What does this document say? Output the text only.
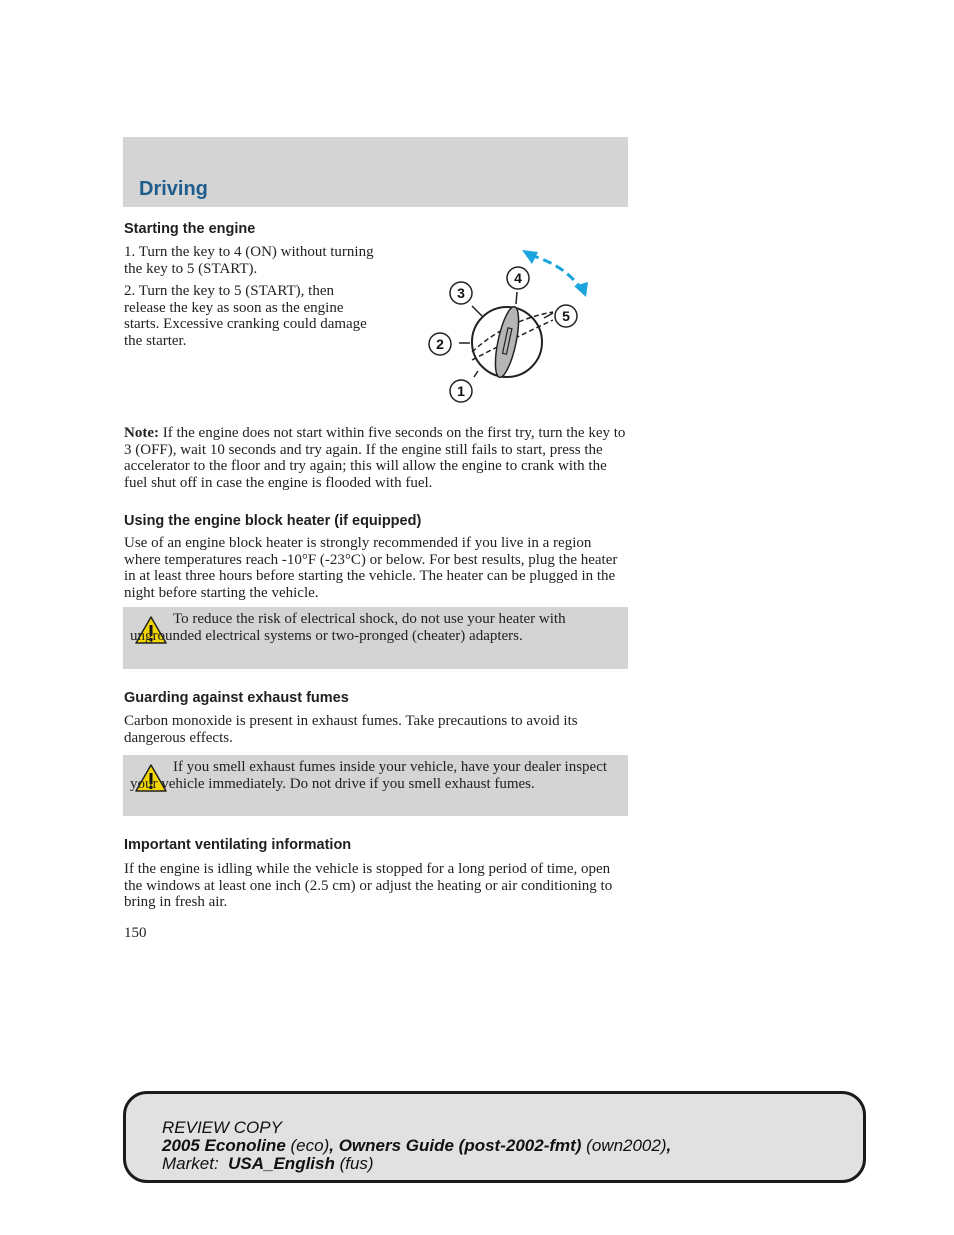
Driving
Starting the engine
1. Turn the key to 4 (ON) without turning the key to 5 (START).
2. Turn the key to 5 (START), then release the key as soon as the engine starts. Excessive cranking could damage the starter.
1
2
3
4
5
Note: If the engine does not start within five seconds on the first try, turn the key to 3 (OFF), wait 10 seconds and try again. If the engine still fails to start, press the accelerator to the floor and try again; this will allow the engine to crank with the fuel shut off in case the engine is flooded with fuel.
Using the engine block heater (if equipped)
Use of an engine block heater is strongly recommended if you live in a region where temperatures reach -10°F (-23°C) or below. For best results, plug the heater in at least three hours before starting the vehicle. The heater can be plugged in the night before starting the vehicle.
To reduce the risk of electrical shock, do not use your heater with ungrounded electrical systems or two-pronged (cheater) adapters.
Guarding against exhaust fumes
Carbon monoxide is present in exhaust fumes. Take precautions to avoid its dangerous effects.
If you smell exhaust fumes inside your vehicle, have your dealer inspect your vehicle immediately. Do not drive if you smell exhaust fumes.
Important ventilating information
If the engine is idling while the vehicle is stopped for a long period of time, open the windows at least one inch (2.5 cm) or adjust the heating or air conditioning to bring in fresh air.
150
REVIEW COPY
2005 Econoline (eco), Owners Guide (post-2002-fmt) (own2002),
Market:  USA_English (fus)
